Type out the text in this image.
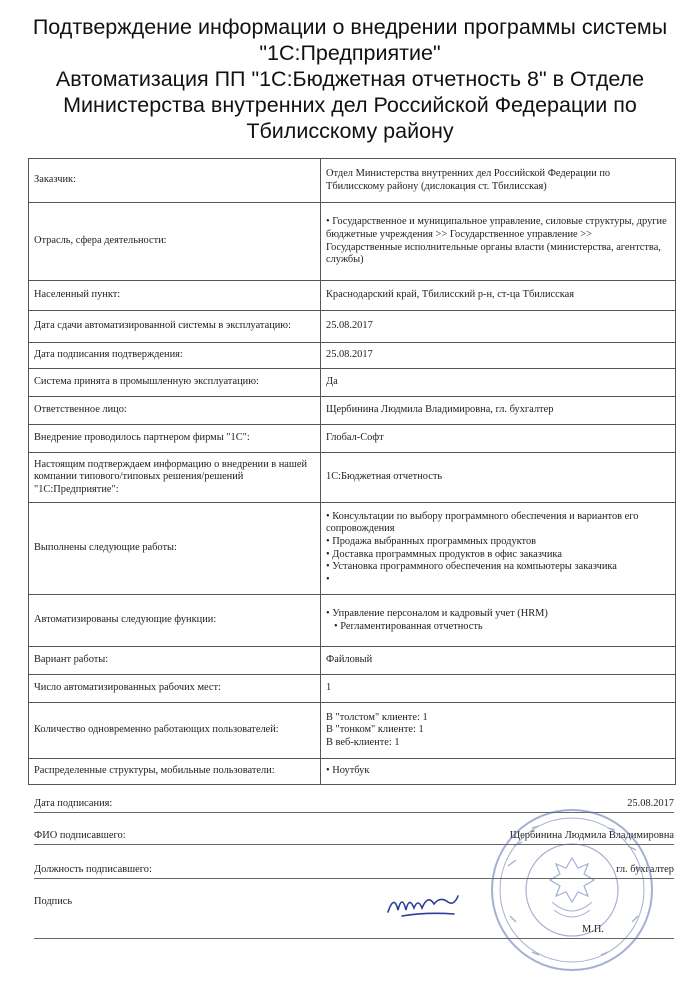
Подтверждение информации о внедрении программы системы
"1С:Предприятие"
Автоматизация ПП "1С:Бюджетная отчетность 8" в Отделе
Министерства внутренних дел Российской Федерации по
Тбилисскому району
Заказчик:	Отдел Министерства внутренних дел Российской Федерации по Тбилисскому району (дислокация ст. Тбилисская)
Отрасль, сфера деятельности:	• Государственное и муниципальное управление, силовые структуры, другие бюджетные учреждения >> Государственное управление >> Государственные исполнительные органы власти (министерства, агентства, службы)

Населенный пункт:	Краснодарский край, Тбилисский р-н, ст-ца Тбилисская
Дата сдачи автоматизированной системы в эксплуатацию:	25.08.2017
Дата подписания подтверждения:	25.08.2017
Система принята в промышленную эксплуатацию:	Да
Ответственное лицо:	Щербинина Людмила Владимировна, гл. бухгалтер
Внедрение проводилось партнером фирмы "1С":	Глобал-Софт
Настоящим подтверждаем информацию о внедрении в нашей компании типового/типовых решения/решений "1С:Предприятие":	1С:Бюджетная отчетность
Выполнены следующие работы:	• Консультации по выбору программного обеспечения и вариантов его сопровождения
• Продажа выбранных программных продуктов
• Доставка программных продуктов в офис заказчика
• Установка программного обеспечения на компьютеры заказчика
•

Автоматизированы следующие функции:	• Управление персоналом и кадровый учет (HRM)
• Регламентированная отчетность

Вариант работы:	Файловый
Число автоматизированных рабочих мест:	1
Количество одновременно работающих пользователей:	В "толстом" клиенте: 1
В "тонком" клиенте: 1
В веб-клиенте: 1

Распределенные структуры, мобильные пользователи:	• Ноутбук
Дата подписания:	25.08.2017
ФИО подписавшего:	Щербинина Людмила Владимировна
Должность подписавшего:	гл. бухгалтер
Подпись
М.П.
